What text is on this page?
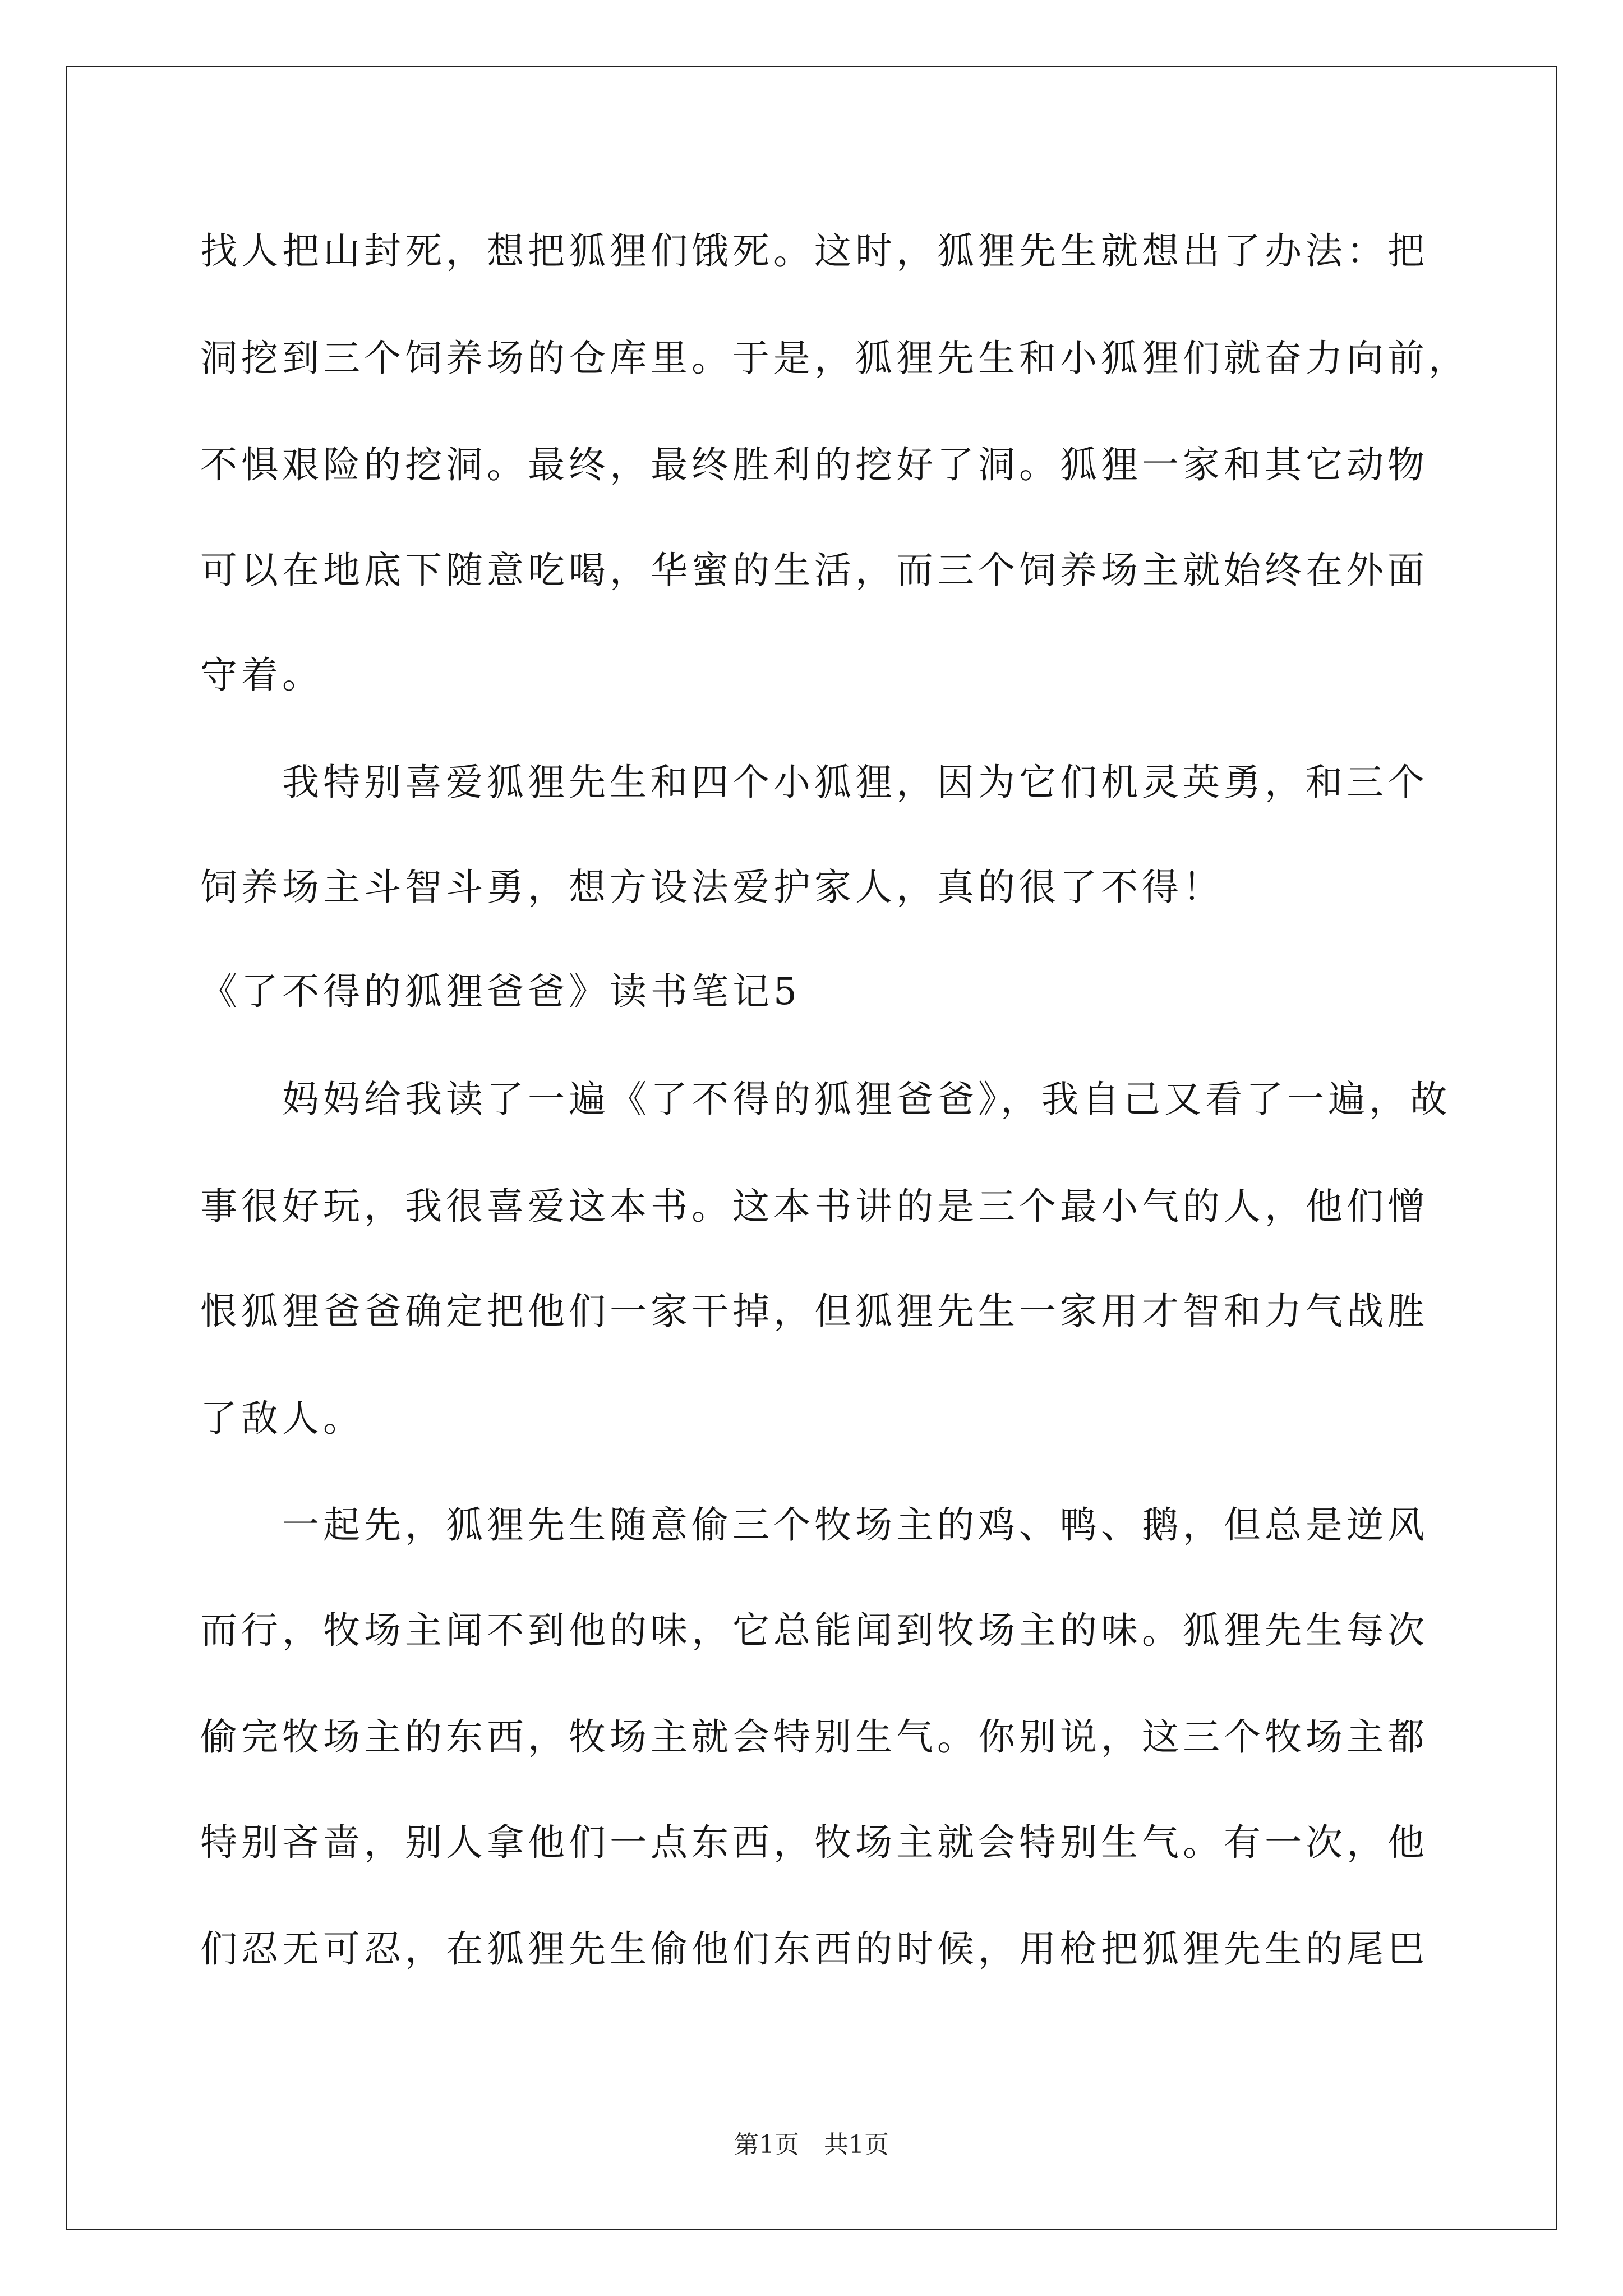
找人把山封死，想把狐狸们饿死。这时，狐狸先生就想出了办法：把
洞挖到三个饲养场的仓库里。于是，狐狸先生和小狐狸们就奋力向前，
不惧艰险的挖洞。最终，最终胜利的挖好了洞。狐狸一家和其它动物
可以在地底下随意吃喝，华蜜的生活，而三个饲养场主就始终在外面
守着。
我特别喜爱狐狸先生和四个小狐狸，因为它们机灵英勇，和三个
饲养场主斗智斗勇，想方设法爱护家人，真的很了不得！
《了不得的狐狸爸爸》读书笔记5
妈妈给我读了一遍《了不得的狐狸爸爸》，我自己又看了一遍，故
事很好玩，我很喜爱这本书。这本书讲的是三个最小气的人，他们憎
恨狐狸爸爸确定把他们一家干掉，但狐狸先生一家用才智和力气战胜
了敌人。
一起先，狐狸先生随意偷三个牧场主的鸡、鸭、鹅，但总是逆风
而行，牧场主闻不到他的味，它总能闻到牧场主的味。狐狸先生每次
偷完牧场主的东西，牧场主就会特别生气。你别说，这三个牧场主都
特别吝啬，别人拿他们一点东西，牧场主就会特别生气。有一次，他
们忍无可忍，在狐狸先生偷他们东西的时候，用枪把狐狸先生的尾巴
第1页 共1页
